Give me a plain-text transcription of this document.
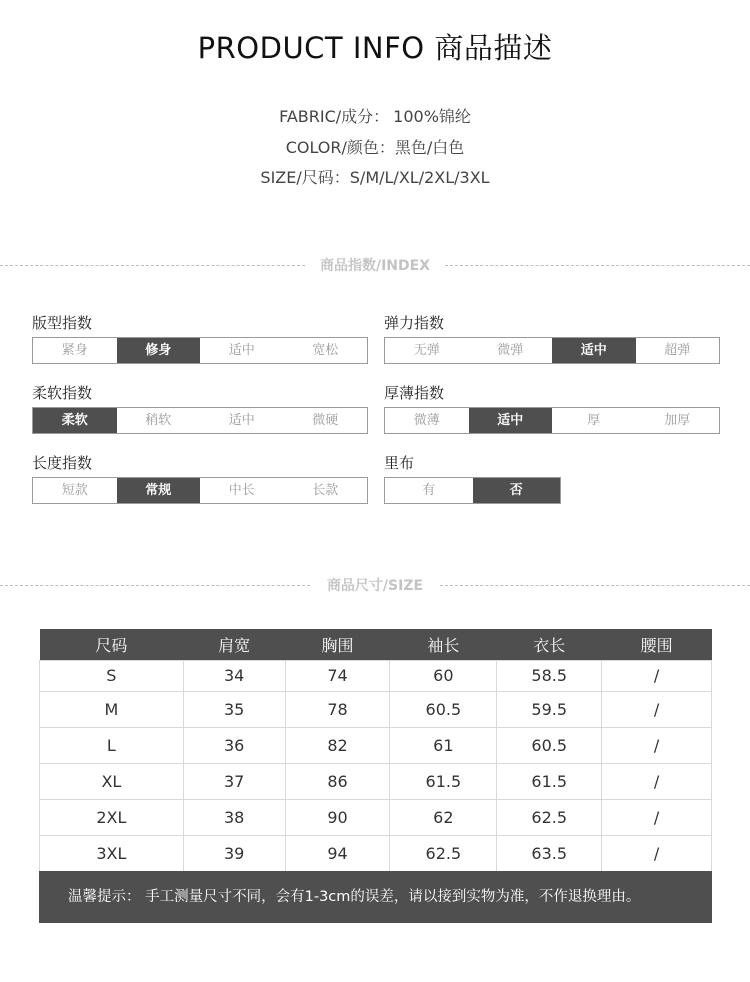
PRODUCT INFO 商品描述
FABRIC/成分： 100%锦纶
COLOR/颜色：黑色/白色
SIZE/尺码：S/M/L/XL/2XL/3XL
商品指数/INDEX
版型指数
紧身	修身	适中	宽松
弹力指数
无弹	微弹	适中	超弹
柔软指数
柔软	稍软	适中	微硬
厚薄指数
微薄	适中	厚	加厚
长度指数
短款	常规	中长	长款
里布
有	否
商品尺寸/SIZE
尺码	肩宽	胸围	袖长	衣长	腰围
S	34	74	60	58.5	/
M	35	78	60.5	59.5	/
L	36	82	61	60.5	/
XL	37	86	61.5	61.5	/
2XL	38	90	62	62.5	/
3XL	39	94	62.5	63.5	/
温馨提示： 手工测量尺寸不同，会有1-3cm的误差，请以接到实物为准，不作退换理由。
